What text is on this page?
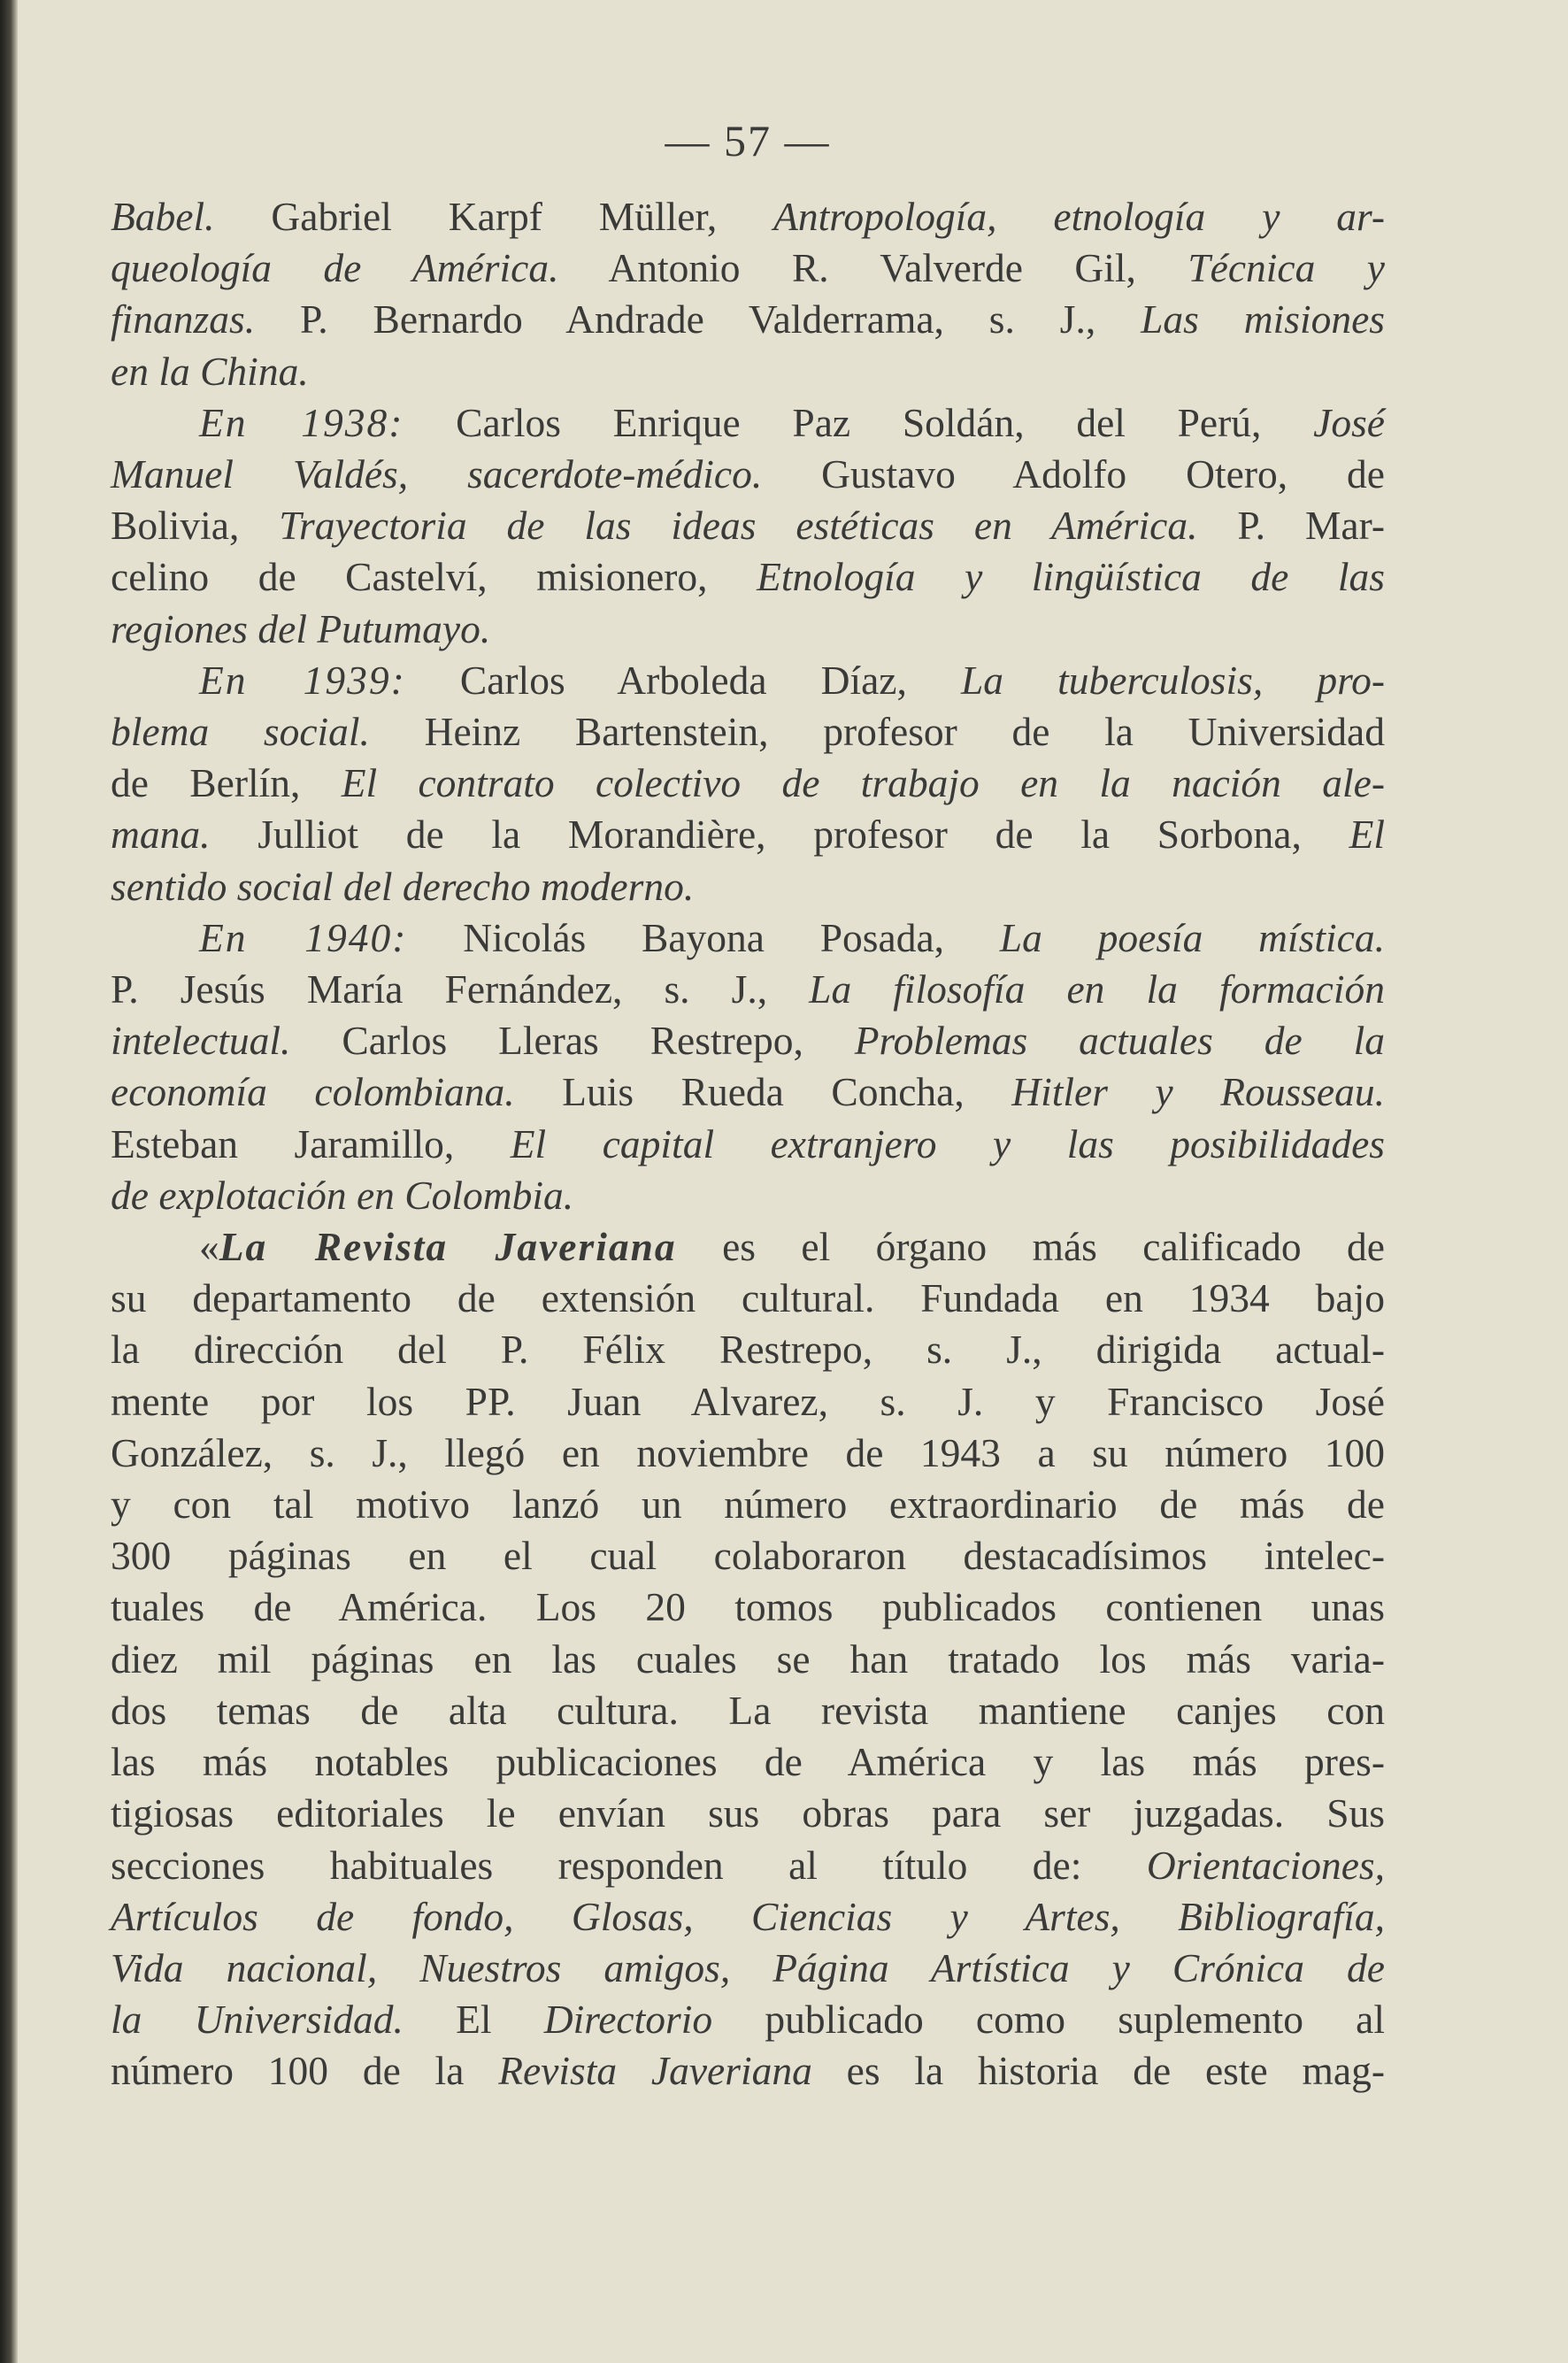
— 57 —
Babel. Gabriel Karpf Müller, Antropología, etnología y ar-
queología de América. Antonio R. Valverde Gil, Técnica y
finanzas. P. Bernardo Andrade Valderrama, s. J., Las misiones
en la China.
En 1938: Carlos Enrique Paz Soldán, del Perú, José
Manuel Valdés, sacerdote-médico. Gustavo Adolfo Otero, de
Bolivia, Trayectoria de las ideas estéticas en América. P. Mar-
celino de Castelví, misionero, Etnología y lingüística de las
regiones del Putumayo.
En 1939: Carlos Arboleda Díaz, La tuberculosis, pro-
blema social. Heinz Bartenstein, profesor de la Universidad
de Berlín, El contrato colectivo de trabajo en la nación ale-
mana. Julliot de la Morandière, profesor de la Sorbona, El
sentido social del derecho moderno.
En 1940: Nicolás Bayona Posada, La poesía mística.
P. Jesús María Fernández, s. J., La filosofía en la formación
intelectual. Carlos Lleras Restrepo, Problemas actuales de la
economía colombiana. Luis Rueda Concha, Hitler y Rousseau.
Esteban Jaramillo, El capital extranjero y las posibilidades
de explotación en Colombia.
«La Revista Javeriana es el órgano más calificado de
su departamento de extensión cultural. Fundada en 1934 bajo
la dirección del P. Félix Restrepo, s. J., dirigida actual-
mente por los PP. Juan Alvarez, s. J. y Francisco José
González, s. J., llegó en noviembre de 1943 a su número 100
y con tal motivo lanzó un número extraordinario de más de
300 páginas en el cual colaboraron destacadísimos intelec-
tuales de América. Los 20 tomos publicados contienen unas
diez mil páginas en las cuales se han tratado los más varia-
dos temas de alta cultura. La revista mantiene canjes con
las más notables publicaciones de América y las más pres-
tigiosas editoriales le envían sus obras para ser juzgadas. Sus
secciones habituales responden al título de: Orientaciones,
Artículos de fondo, Glosas, Ciencias y Artes, Bibliografía,
Vida nacional, Nuestros amigos, Página Artística y Crónica de
la Universidad. El Directorio publicado como suplemento al
número 100 de la Revista Javeriana es la historia de este mag-
